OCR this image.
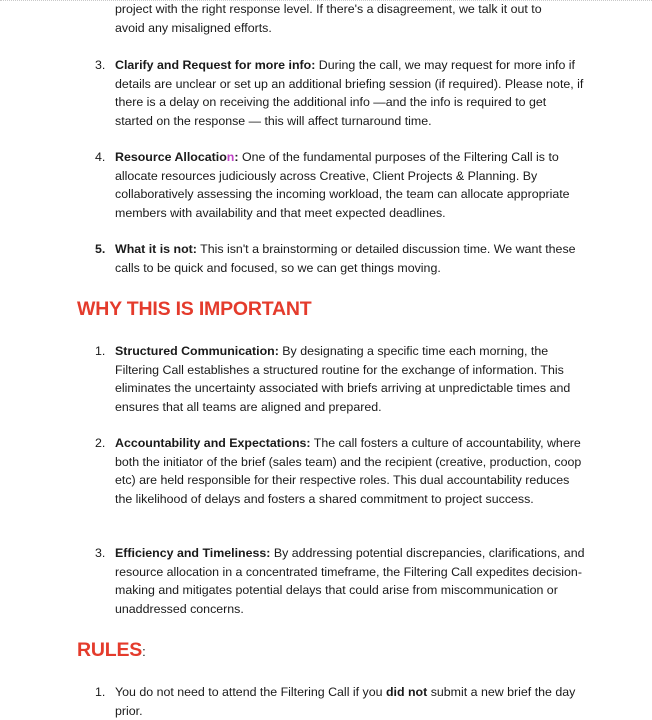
project with the right response level. If there's a disagreement, we talk it out to
avoid any misaligned efforts.
3. Clarify and Request for more info: During the call, we may request for more info if details are unclear or set up an additional briefing session (if required). Please note, if there is a delay on receiving the additional info —and the info is required to get started on the response — this will affect turnaround time.
4. Resource Allocation: One of the fundamental purposes of the Filtering Call is to allocate resources judiciously across Creative, Client Projects & Planning. By collaboratively assessing the incoming workload, the team can allocate appropriate members with availability and that meet expected deadlines.
5. What it is not: This isn't a brainstorming or detailed discussion time. We want these calls to be quick and focused, so we can get things moving.
WHY THIS IS IMPORTANT
1. Structured Communication: By designating a specific time each morning, the Filtering Call establishes a structured routine for the exchange of information. This eliminates the uncertainty associated with briefs arriving at unpredictable times and ensures that all teams are aligned and prepared.
2. Accountability and Expectations: The call fosters a culture of accountability, where both the initiator of the brief (sales team) and the recipient (creative, production, coop etc) are held responsible for their respective roles. This dual accountability reduces the likelihood of delays and fosters a shared commitment to project success.
3. Efficiency and Timeliness: By addressing potential discrepancies, clarifications, and resource allocation in a concentrated timeframe, the Filtering Call expedites decision-making and mitigates potential delays that could arise from miscommunication or unaddressed concerns.
RULES:
1. You do not need to attend the Filtering Call if you did not submit a new brief the day prior.
